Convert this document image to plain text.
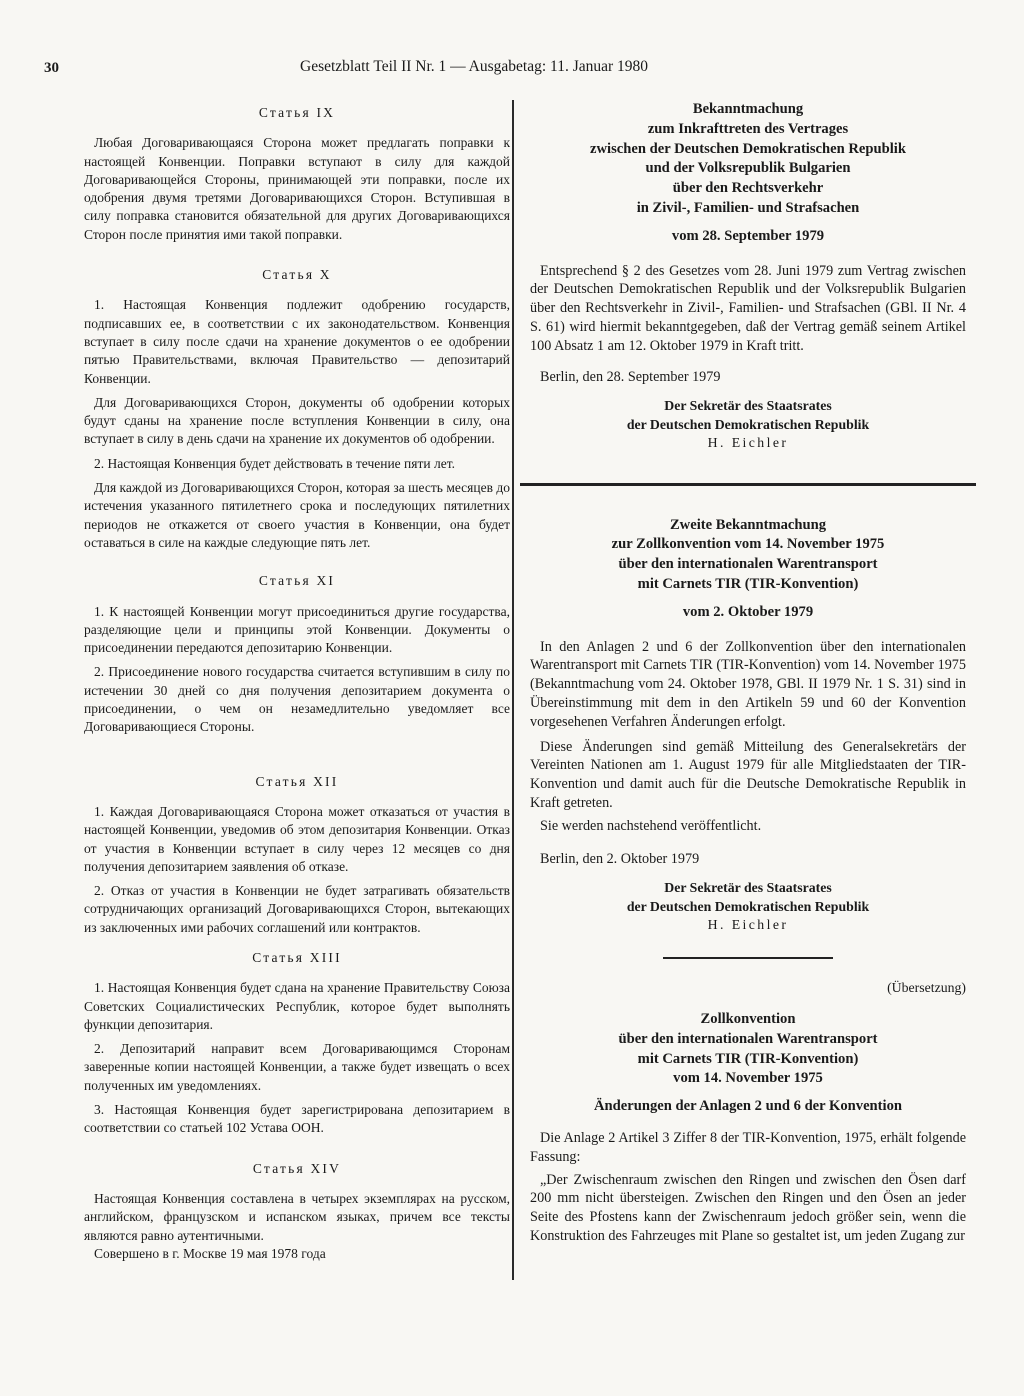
30	Gesetzblatt Teil II Nr. 1 — Ausgabetag: 11. Januar 1980
Статья IX

Любая Договаривающаяся Сторона может предлагать поправки к настоящей Конвенции. Поправки вступают в силу для каждой Договаривающейся Стороны, принимающей эти поправки, после их одобрения двумя третями Договаривающихся Сторон. Вступившая в силу поправка становится обязательной для других Договаривающихся Сторон после принятия ими такой поправки.

Статья X

1. Настоящая Конвенция подлежит одобрению государств, подписавших ее, в соответствии с их законодательством. Конвенция вступает в силу после сдачи на хранение документов о ее одобрении пятью Правительствами, включая Правительство — депозитарий Конвенции.

Для Договаривающихся Сторон, документы об одобрении которых будут сданы на хранение после вступления Конвенции в силу, она вступает в силу в день сдачи на хранение их документов об одобрении.

2. Настоящая Конвенция будет действовать в течение пяти лет.

Для каждой из Договаривающихся Сторон, которая за шесть месяцев до истечения указанного пятилетнего срока и последующих пятилетних периодов не откажется от своего участия в Конвенции, она будет оставаться в силе на каждые следующие пять лет.

Статья XI

1. К настоящей Конвенции могут присоединиться другие государства, разделяющие цели и принципы этой Конвенции. Документы о присоединении передаются депозитарию Конвенции.

2. Присоединение нового государства считается вступившим в силу по истечении 30 дней со дня получения депозитарием документа о присоединении, о чем он незамедлительно уведомляет все Договаривающиеся Стороны.

Статья XII

1. Каждая Договаривающаяся Сторона может отказаться от участия в настоящей Конвенции, уведомив об этом депозитария Конвенции. Отказ от участия в Конвенции вступает в силу через 12 месяцев со дня получения депозитарием заявления об отказе.

2. Отказ от участия в Конвенции не будет затрагивать обязательств сотрудничающих организаций Договаривающихся Сторон, вытекающих из заключенных ими рабочих соглашений или контрактов.

Статья XIII

1. Настоящая Конвенция будет сдана на хранение Правительству Союза Советских Социалистических Республик, которое будет выполнять функции депозитария.

2. Депозитарий направит всем Договаривающимся Сторонам заверенные копии настоящей Конвенции, а также будет извещать о всех полученных им уведомлениях.

3. Настоящая Конвенция будет зарегистрирована депозитарием в соответствии со статьей 102 Устава ООН.

Статья XIV

Настоящая Конвенция составлена в четырех экземплярах на русском, английском, французском и испанском языках, причем все тексты являются равно аутентичными.

Совершено в г. Москве 19 мая 1978 года

Bekanntmachung
zum Inkrafttreten des Vertrages
zwischen der Deutschen Demokratischen Republik
und der Volksrepublik Bulgarien
über den Rechtsverkehr
in Zivil-, Familien- und Strafsachen
vom 28. September 1979

Entsprechend § 2 des Gesetzes vom 28. Juni 1979 zum Vertrag zwischen der Deutschen Demokratischen Republik und der Volksrepublik Bulgarien über den Rechtsverkehr in Zivil-, Familien- und Strafsachen (GBl. II Nr. 4 S. 61) wird hiermit bekanntgegeben, daß der Vertrag gemäß seinem Artikel 100 Absatz 1 am 12. Oktober 1979 in Kraft tritt.

Berlin, den 28. September 1979

Der Sekretär des Staatsrates
der Deutschen Demokratischen Republik
H. Eichler
Zweite Bekanntmachung
zur Zollkonvention vom 14. November 1975
über den internationalen Warentransport
mit Carnets TIR (TIR-Konvention)
vom 2. Oktober 1979

In den Anlagen 2 und 6 der Zollkonvention über den internationalen Warentransport mit Carnets TIR (TIR-Konvention) vom 14. November 1975 (Bekanntmachung vom 24. Oktober 1978, GBl. II 1979 Nr. 1 S. 31) sind in Übereinstimmung mit dem in den Artikeln 59 und 60 der Konvention vorgesehenen Verfahren Änderungen erfolgt.

Diese Änderungen sind gemäß Mitteilung des Generalsekretärs der Vereinten Nationen am 1. August 1979 für alle Mitgliedstaaten der TIR-Konvention und damit auch für die Deutsche Demokratische Republik in Kraft getreten.

Sie werden nachstehend veröffentlicht.

Berlin, den 2. Oktober 1979

Der Sekretär des Staatsrates
der Deutschen Demokratischen Republik
H. Eichler
(Übersetzung)
Zollkonvention
über den internationalen Warentransport
mit Carnets TIR (TIR-Konvention)
vom 14. November 1975
Änderungen der Anlagen 2 und 6 der Konvention

Die Anlage 2 Artikel 3 Ziffer 8 der TIR-Konvention, 1975, erhält folgende Fassung:

„Der Zwischenraum zwischen den Ringen und zwischen den Ösen darf 200 mm nicht übersteigen. Zwischen den Ringen und den Ösen an jeder Seite des Pfostens kann der Zwischenraum jedoch größer sein, wenn die Konstruktion des Fahrzeuges mit Plane so gestaltet ist, um jeden Zugang zur
